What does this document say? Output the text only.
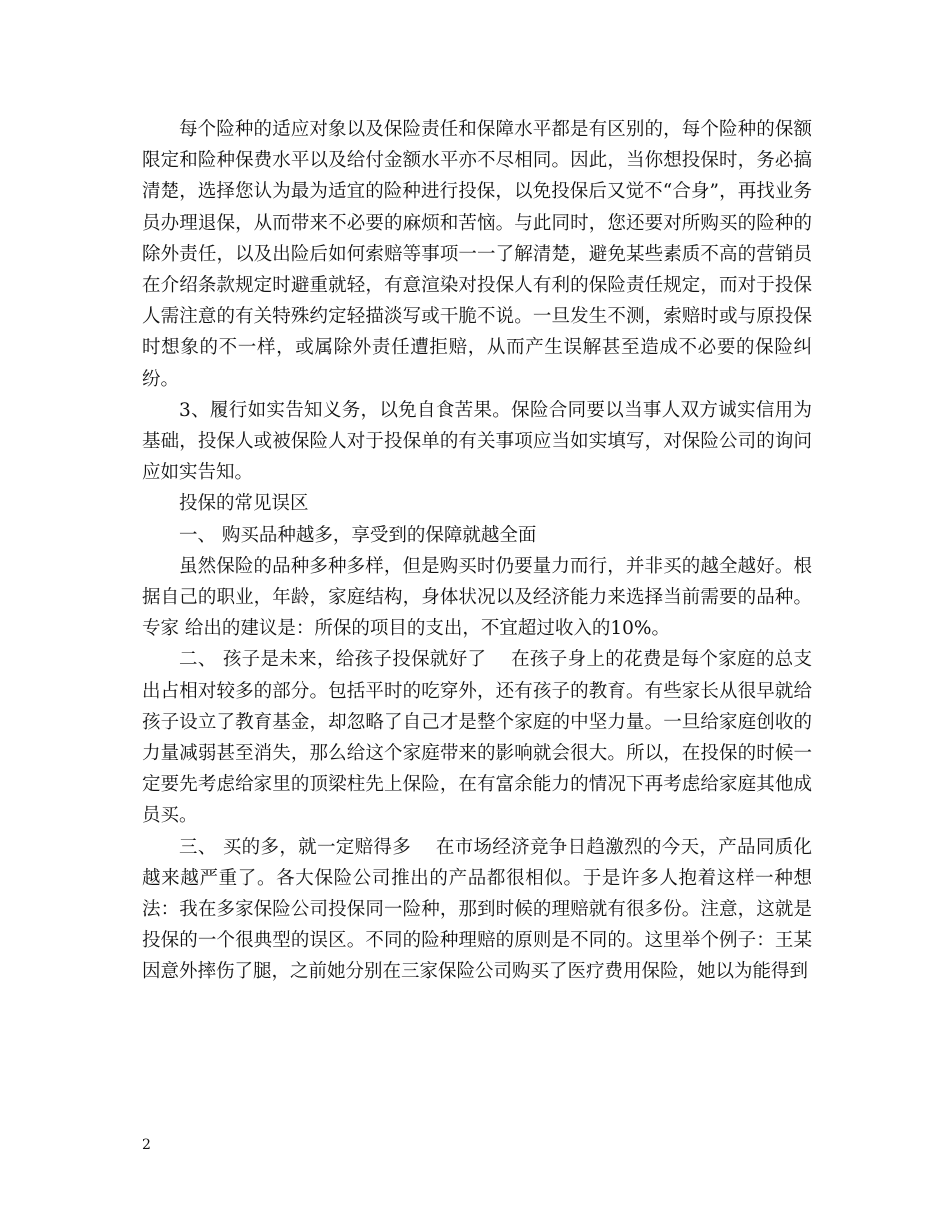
每个险种的适应对象以及保险责任和保障水平都是有区别的，每个险种的保额限定和险种保费水平以及给付金额水平亦不尽相同。因此，当你想投保时，务必搞清楚，选择您认为最为适宜的险种进行投保，以免投保后又觉不“合身”，再找业务员办理退保，从而带来不必要的麻烦和苦恼。与此同时，您还要对所购买的险种的除外责任，以及出险后如何索赔等事项一一了解清楚，避免某些素质不高的营销员在介绍条款规定时避重就轻，有意渲染对投保人有利的保险责任规定，而对于投保人需注意的有关特殊约定轻描淡写或干脆不说。一旦发生不测，索赔时或与原投保时想象的不一样，或属除外责任遭拒赔，从而产生误解甚至造成不必要的保险纠纷。

3、履行如实告知义务，以免自食苦果。保险合同要以当事人双方诚实信用为基础，投保人或被保险人对于投保单的有关事项应当如实填写，对保险公司的询问应如实告知。

投保的常见误区

一、 购买品种越多，享受到的保障就越全面

虽然保险的品种多种多样，但是购买时仍要量力而行，并非买的越全越好。根据自己的职业，年龄，家庭结构，身体状况以及经济能力来选择当前需要的品种。专家 给出的建议是：所保的项目的支出，不宜超过收入的10%。

二、 孩子是未来，给孩子投保就好了    在孩子身上的花费是每个家庭的总支出占相对较多的部分。包括平时的吃穿外，还有孩子的教育。有些家长从很早就给孩子设立了教育基金，却忽略了自己才是整个家庭的中坚力量。一旦给家庭创收的力量减弱甚至消失，那么给这个家庭带来的影响就会很大。所以，在投保的时候一定要先考虑给家里的顶梁柱先上保险，在有富余能力的情况下再考虑给家庭其他成员买。

三、 买的多，就一定赔得多    在市场经济竞争日趋激烈的今天，产品同质化越来越严重了。各大保险公司推出的产品都很相似。于是许多人抱着这样一种想法：我在多家保险公司投保同一险种，那到时候的理赔就有很多份。注意，这就是投保的一个很典型的误区。不同的险种理赔的原则是不同的。这里举个例子：王某因意外摔伤了腿，之前她分别在三家保险公司购买了医疗费用保险，她以为能得到

2
